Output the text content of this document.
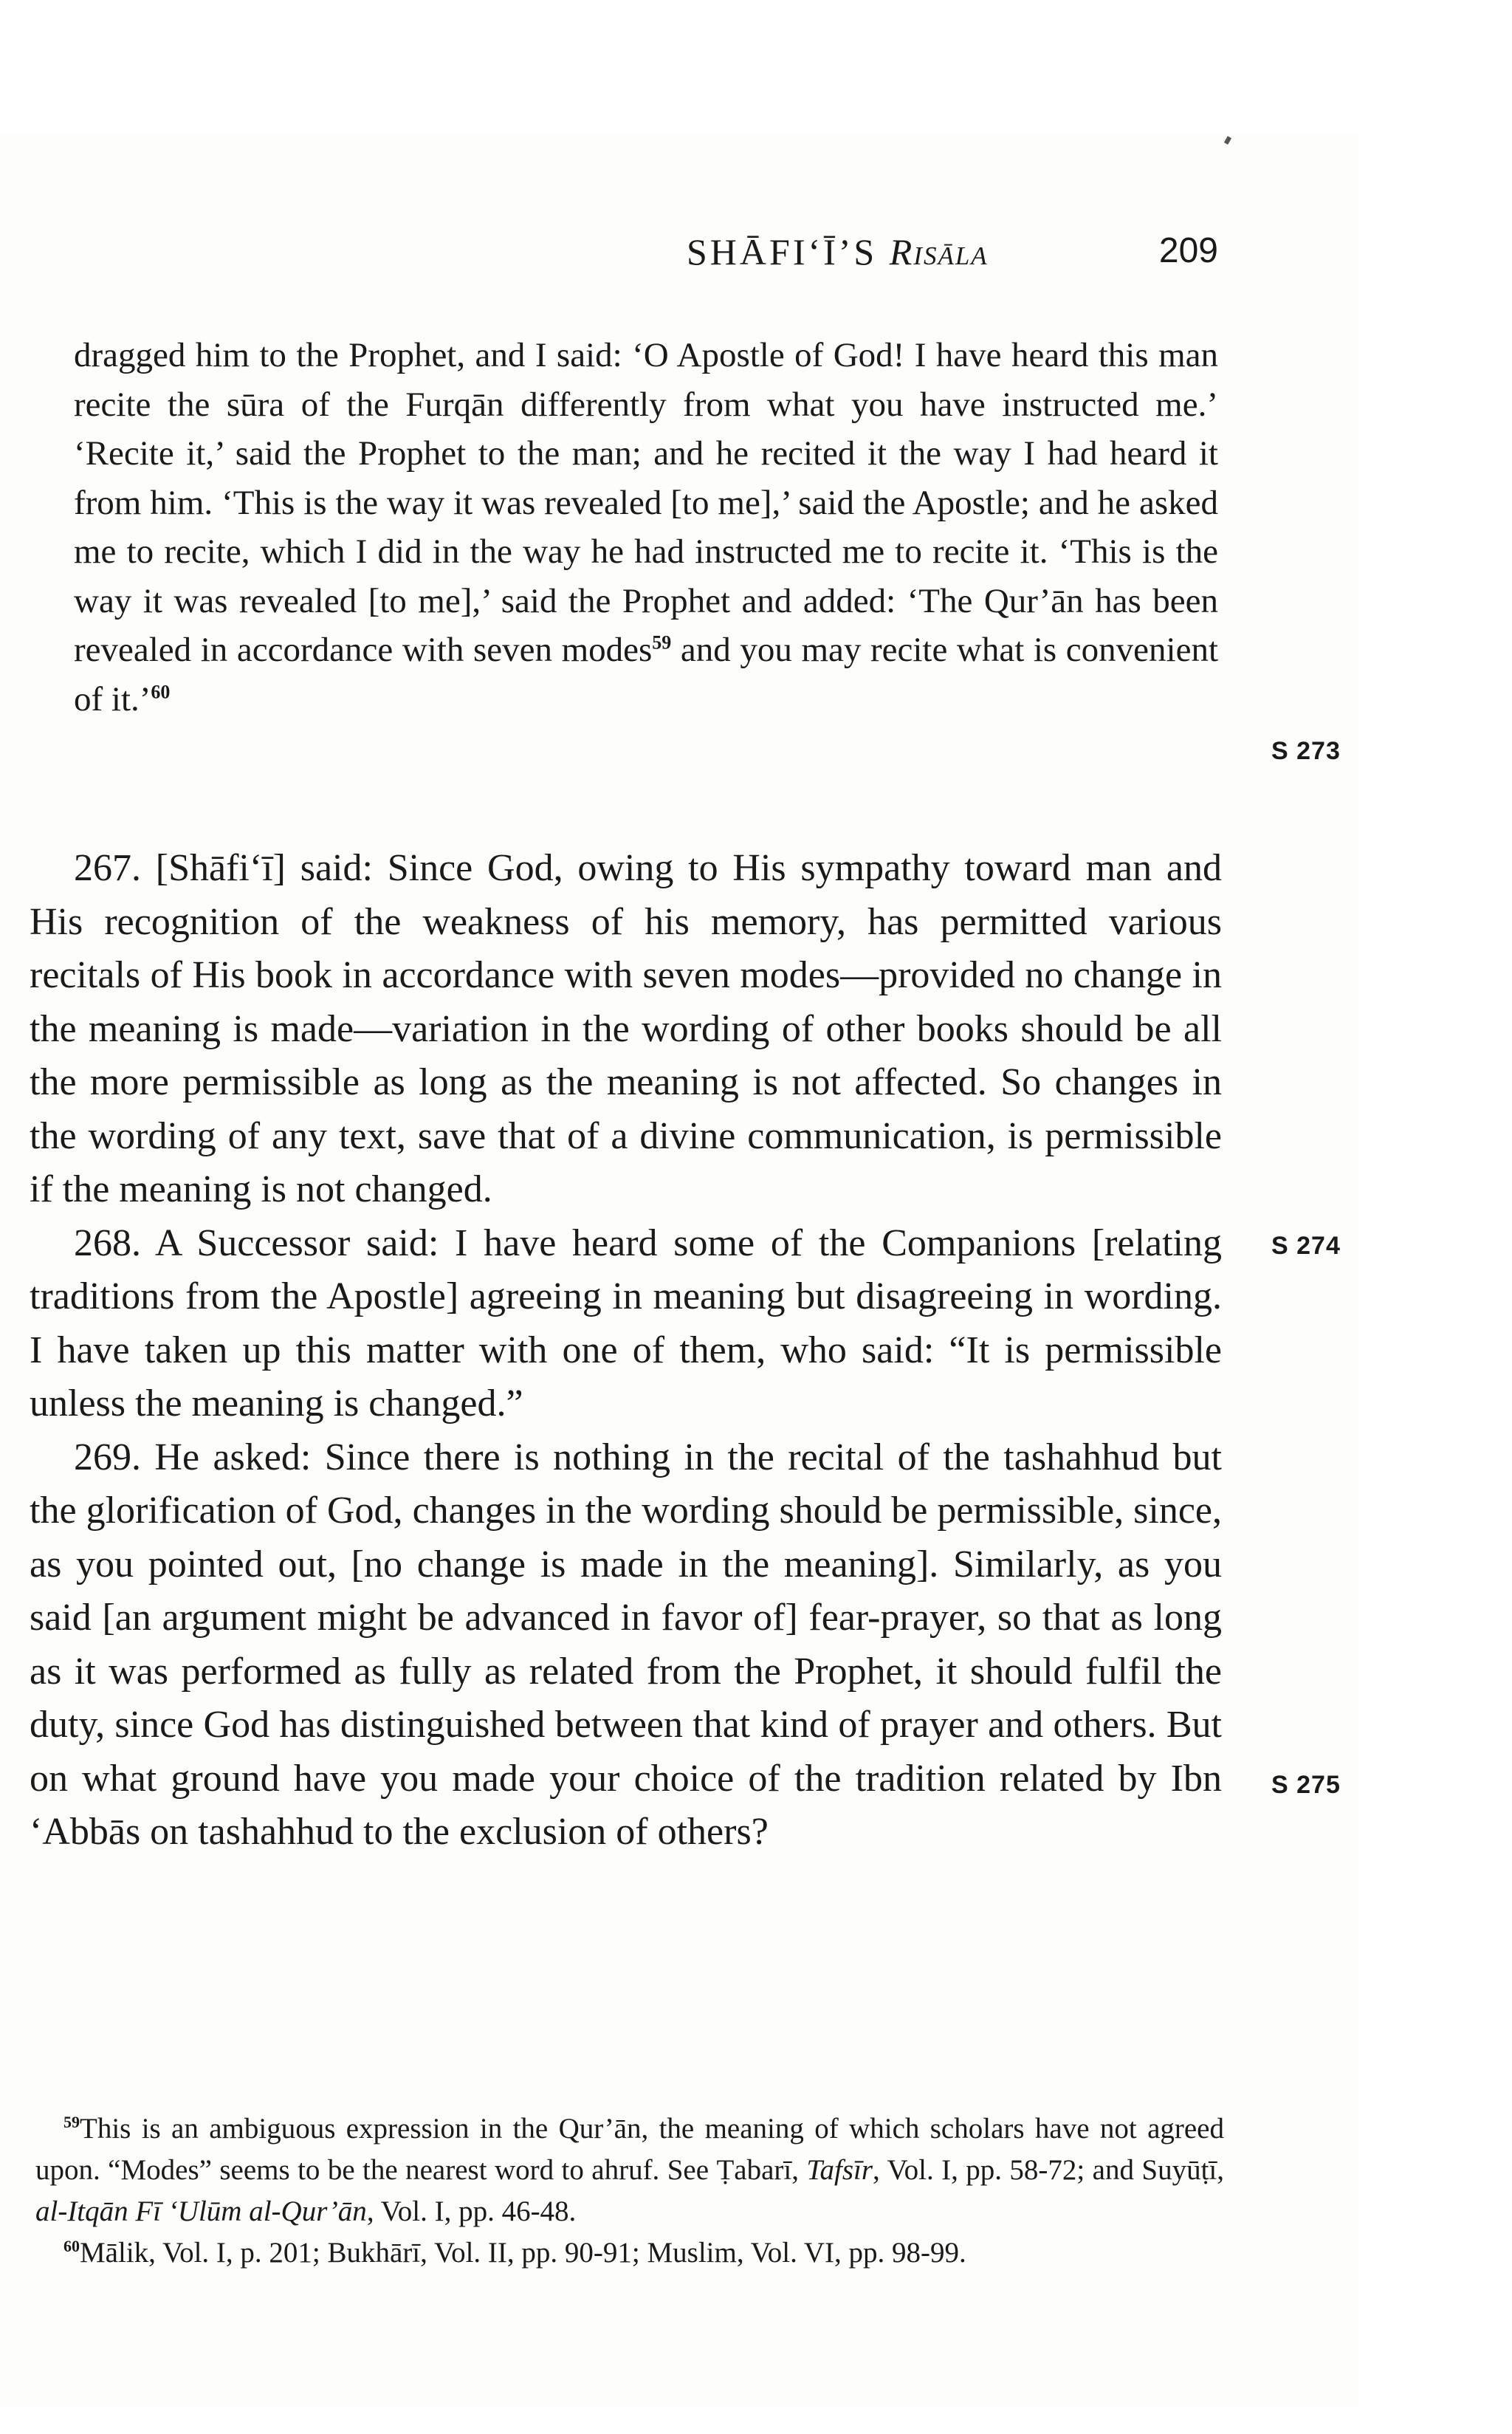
SHĀFI‘Ī’S Risāla	209
dragged him to the Prophet, and I said: ‘O Apostle of God! I have heard this man recite the sūra of the Furqān differently from what you have instructed me.’ ‘Recite it,’ said the Prophet to the man; and he recited it the way I had heard it from him. ‘This is the way it was revealed [to me],’ said the Apostle; and he asked me to recite, which I did in the way he had instructed me to recite it. ‘This is the way it was revealed [to me],’ said the Prophet and added: ‘The Qur’ān has been revealed in accordance with seven modes$^{59}$ and you may recite what is convenient of it.’$^{60}$

267. [Shāfi‘ī] said: Since God, owing to His sympathy toward man and His recognition of the weakness of his memory, has permitted various recitals of His book in accordance with seven modes—provided no change in the meaning is made—variation in the wording of other books should be all the more permissible as long as the meaning is not affected. So changes in the wording of any text, save that of a divine communication, is permissible if the meaning is not changed.

268. A Successor said: I have heard some of the Companions [relating traditions from the Apostle] agreeing in meaning but disagreeing in wording. I have taken up this matter with one of them, who said: “It is permissible unless the meaning is changed.”

269. He asked: Since there is nothing in the recital of the tashahhud but the glorification of God, changes in the wording should be permissible, since, as you pointed out, [no change is made in the meaning]. Similarly, as you said [an argument might be advanced in favor of] fear-prayer, so that as long as it was performed as fully as related from the Prophet, it should fulfil the duty, since God has distinguished between that kind of prayer and others. But on what ground have you made your choice of the tradition related by Ibn ‘Abbās on tashahhud to the exclusion of others?

S 273
S 274
S 275

$^{59}$This is an ambiguous expression in the Qur’ān, the meaning of which scholars have not agreed upon. “Modes” seems to be the nearest word to ahruf. See Ṭabarī, Tafsīr, Vol. I, pp. 58-72; and Suyūṭī, al-Itqān Fī ‘Ulūm al-Qur’ān, Vol. I, pp. 46-48.

$^{60}$Mālik, Vol. I, p. 201; Bukhārī, Vol. II, pp. 90-91; Muslim, Vol. VI, pp. 98-99.
